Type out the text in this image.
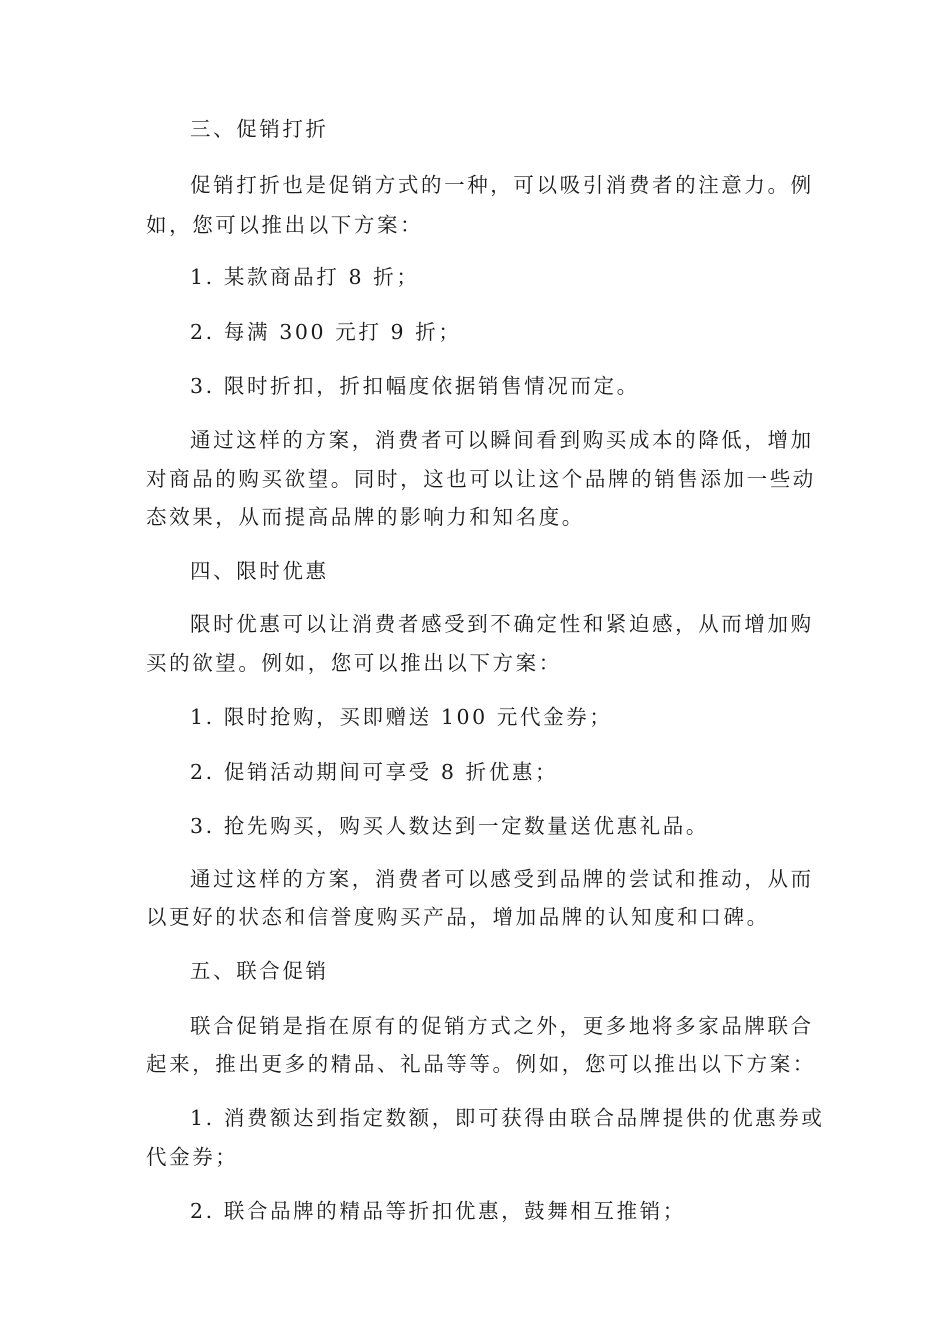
三、促销打折
促销打折也是促销方式的一种，可以吸引消费者的注意力。例
如，您可以推出以下方案：
1. 某款商品打 8 折；
2. 每满 300 元打 9 折；
3. 限时折扣，折扣幅度依据销售情况而定。
通过这样的方案，消费者可以瞬间看到购买成本的降低，增加
对商品的购买欲望。同时，这也可以让这个品牌的销售添加一些动
态效果，从而提高品牌的影响力和知名度。
四、限时优惠
限时优惠可以让消费者感受到不确定性和紧迫感，从而增加购
买的欲望。例如，您可以推出以下方案：
1. 限时抢购，买即赠送 100 元代金券；
2. 促销活动期间可享受 8 折优惠；
3. 抢先购买，购买人数达到一定数量送优惠礼品。
通过这样的方案，消费者可以感受到品牌的尝试和推动，从而
以更好的状态和信誉度购买产品，增加品牌的认知度和口碑。
五、联合促销
联合促销是指在原有的促销方式之外，更多地将多家品牌联合
起来，推出更多的精品、礼品等等。例如，您可以推出以下方案：
1. 消费额达到指定数额，即可获得由联合品牌提供的优惠券或
代金券；
2. 联合品牌的精品等折扣优惠，鼓舞相互推销；
